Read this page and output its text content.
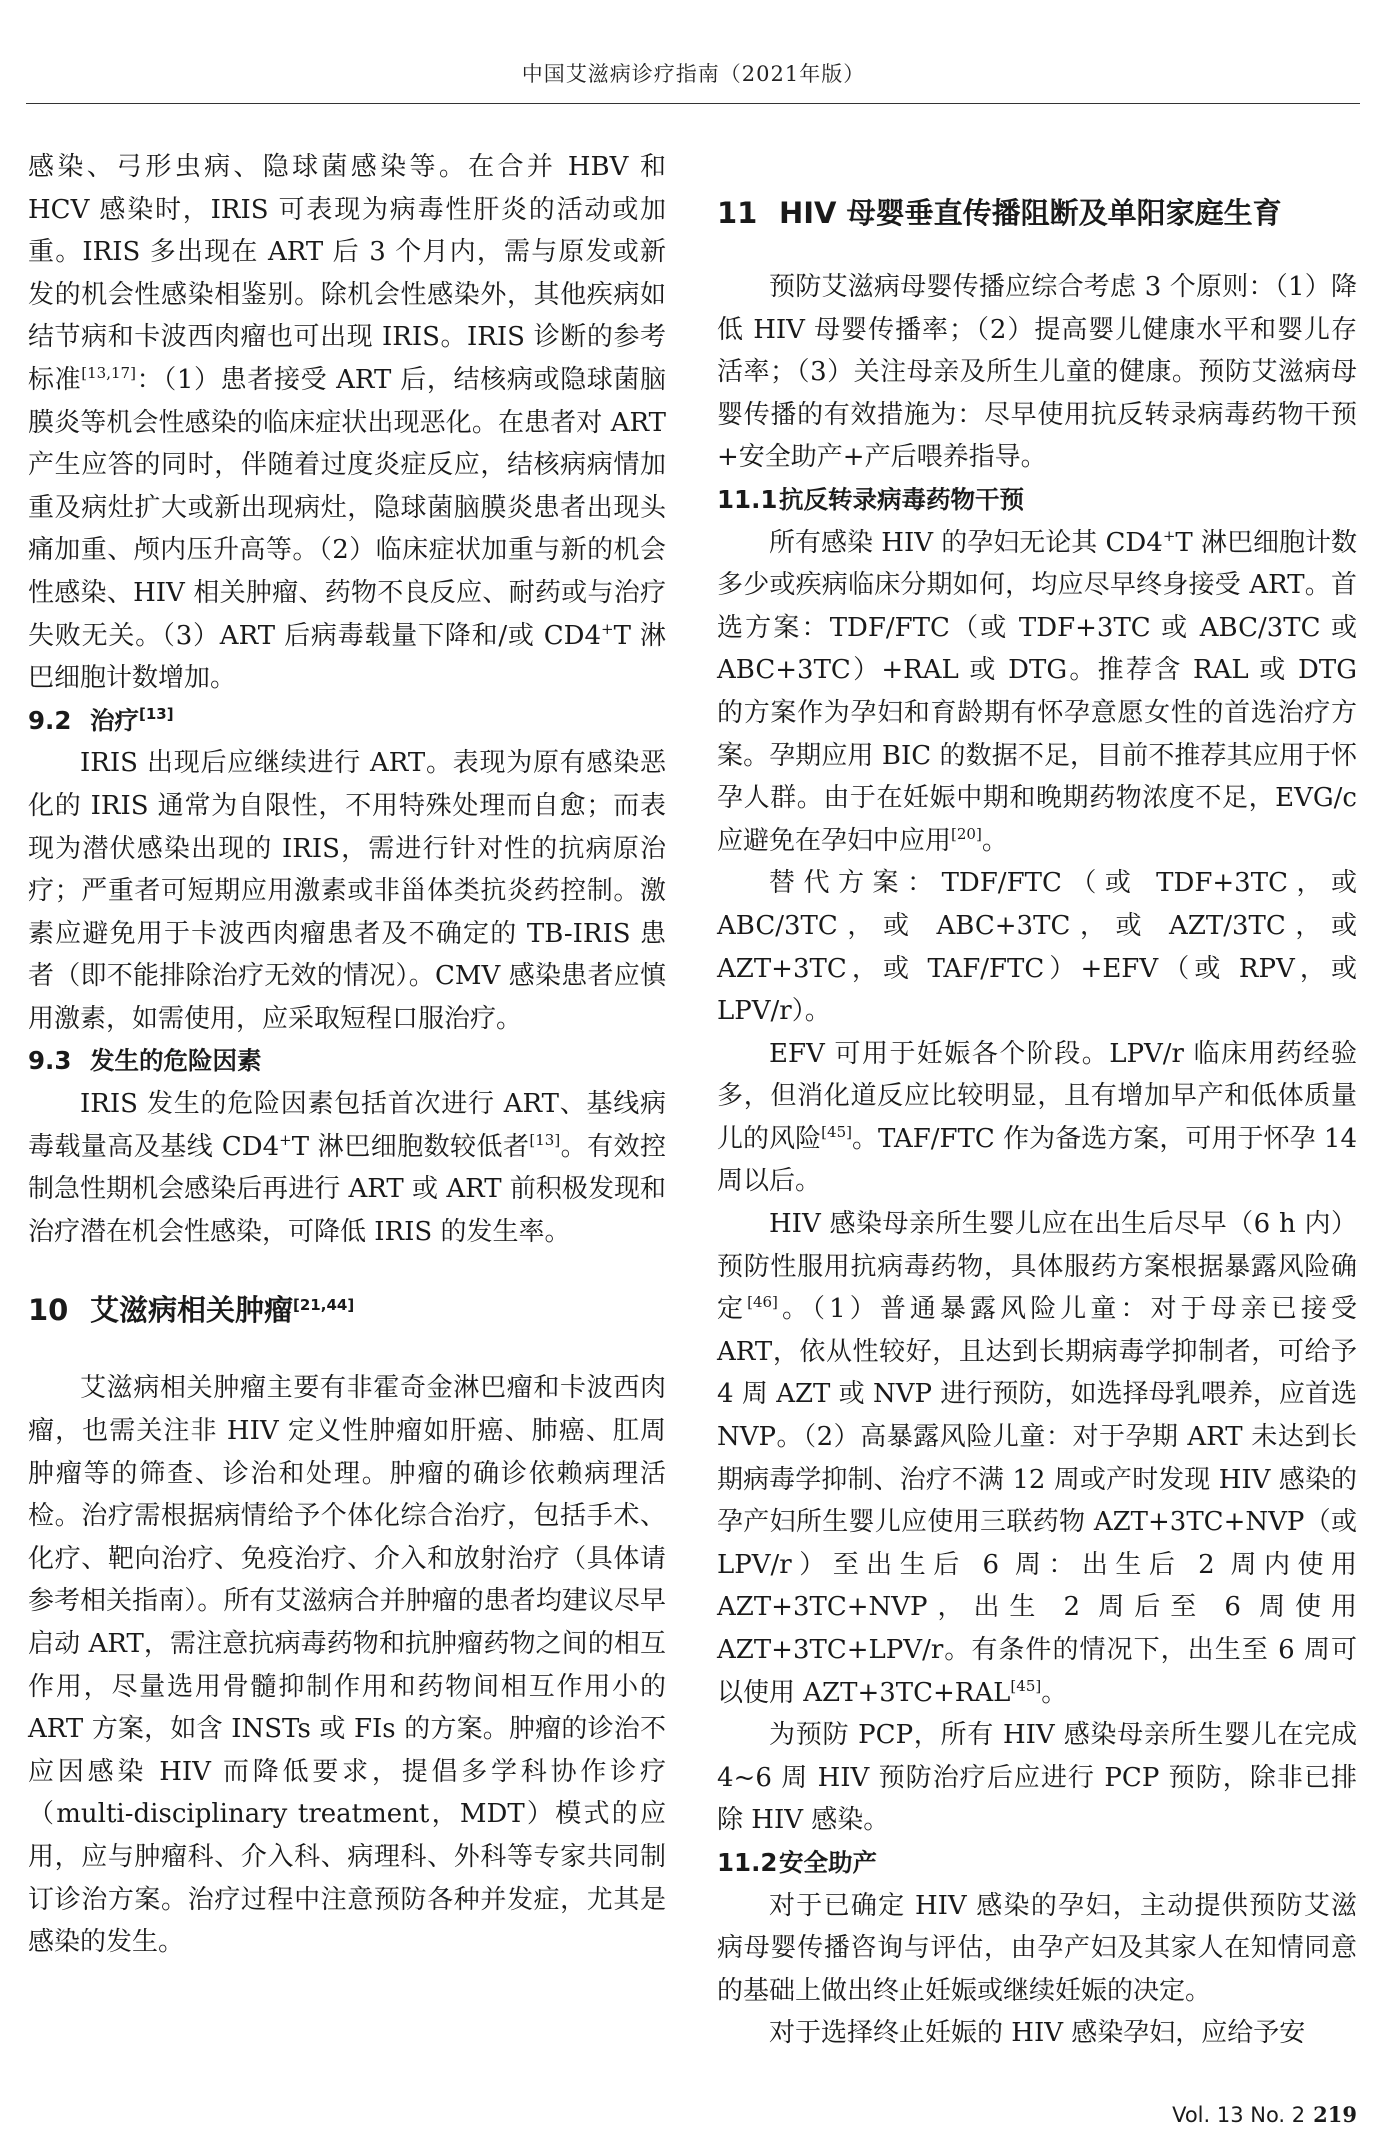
中国艾滋病诊疗指南（2021年版）

感染、弓形虫病、隐球菌感染等。在合并 HBV 和 HCV 感染时，IRIS 可表现为病毒性肝炎的活动或加重。IRIS 多出现在 ART 后 3 个月内，需与原发或新发的机会性感染相鉴别。除机会性感染外，其他疾病如结节病和卡波西肉瘤也可出现 IRIS。IRIS 诊断的参考标准[13,17]：（1）患者接受 ART 后，结核病或隐球菌脑膜炎等机会性感染的临床症状出现恶化。在患者对 ART 产生应答的同时，伴随着过度炎症反应，结核病病情加重及病灶扩大或新出现病灶，隐球菌脑膜炎患者出现头痛加重、颅内压升高等。（2）临床症状加重与新的机会性感染、HIV 相关肿瘤、药物不良反应、耐药或与治疗失败无关。（3）ART 后病毒载量下降和/或 CD4+T 淋巴细胞计数增加。

9.2 治疗[13]

IRIS 出现后应继续进行 ART。表现为原有感染恶化的 IRIS 通常为自限性，不用特殊处理而自愈；而表现为潜伏感染出现的 IRIS，需进行针对性的抗病原治疗；严重者可短期应用激素或非甾体类抗炎药控制。激素应避免用于卡波西肉瘤患者及不确定的 TB-IRIS 患者（即不能排除治疗无效的情况）。CMV 感染患者应慎用激素，如需使用，应采取短程口服治疗。

9.3 发生的危险因素

IRIS 发生的危险因素包括首次进行 ART、基线病毒载量高及基线 CD4+T 淋巴细胞数较低者[13]。有效控制急性期机会感染后再进行 ART 或 ART 前积极发现和治疗潜在机会性感染，可降低 IRIS 的发生率。

10 艾滋病相关肿瘤[21,44]

艾滋病相关肿瘤主要有非霍奇金淋巴瘤和卡波西肉瘤，也需关注非 HIV 定义性肿瘤如肝癌、肺癌、肛周肿瘤等的筛查、诊治和处理。肿瘤的确诊依赖病理活检。治疗需根据病情给予个体化综合治疗，包括手术、化疗、靶向治疗、免疫治疗、介入和放射治疗（具体请参考相关指南）。所有艾滋病合并肿瘤的患者均建议尽早启动 ART，需注意抗病毒药物和抗肿瘤药物之间的相互作用，尽量选用骨髓抑制作用和药物间相互作用小的 ART 方案，如含 INSTs 或 FIs 的方案。肿瘤的诊治不应因感染 HIV 而降低要求，提倡多学科协作诊疗（multi-disciplinary treatment，MDT）模式的应用，应与肿瘤科、介入科、病理科、外科等专家共同制订诊治方案。治疗过程中注意预防各种并发症，尤其是感染的发生。

11 HIV 母婴垂直传播阻断及单阳家庭生育

预防艾滋病母婴传播应综合考虑 3 个原则：（1）降低 HIV 母婴传播率；（2）提高婴儿健康水平和婴儿存活率；（3）关注母亲及所生儿童的健康。预防艾滋病母婴传播的有效措施为：尽早使用抗反转录病毒药物干预+安全助产+产后喂养指导。

11.1抗反转录病毒药物干预

所有感染 HIV 的孕妇无论其 CD4+T 淋巴细胞计数多少或疾病临床分期如何，均应尽早终身接受 ART。首选方案：TDF/FTC（或 TDF+3TC 或 ABC/3TC 或 ABC+3TC）+RAL 或 DTG。推荐含 RAL 或 DTG 的方案作为孕妇和育龄期有怀孕意愿女性的首选治疗方案。孕期应用 BIC 的数据不足，目前不推荐其应用于怀孕人群。由于在妊娠中期和晚期药物浓度不足，EVG/c 应避免在孕妇中应用[20]。

替代方案：TDF/FTC（或 TDF+3TC，或 ABC/3TC，或 ABC+3TC，或 AZT/3TC，或 AZT+3TC，或 TAF/FTC）+EFV（或 RPV，或 LPV/r）。

EFV 可用于妊娠各个阶段。LPV/r 临床用药经验多，但消化道反应比较明显，且有增加早产和低体质量儿的风险[45]。TAF/FTC 作为备选方案，可用于怀孕 14 周以后。

HIV 感染母亲所生婴儿应在出生后尽早（6 h 内）预防性服用抗病毒药物，具体服药方案根据暴露风险确定[46]。（1）普通暴露风险儿童：对于母亲已接受 ART，依从性较好，且达到长期病毒学抑制者，可给予 4 周 AZT 或 NVP 进行预防，如选择母乳喂养，应首选 NVP。（2）高暴露风险儿童：对于孕期 ART 未达到长期病毒学抑制、治疗不满 12 周或产时发现 HIV 感染的孕产妇所生婴儿应使用三联药物 AZT+3TC+NVP（或 LPV/r）至出生后 6 周：出生后 2 周内使用 AZT+3TC+NVP，出生 2 周后至 6 周使用 AZT+3TC+LPV/r。有条件的情况下，出生至 6 周可以使用 AZT+3TC+RAL[45]。

为预防 PCP，所有 HIV 感染母亲所生婴儿在完成 4~6 周 HIV 预防治疗后应进行 PCP 预防，除非已排除 HIV 感染。

11.2安全助产

对于已确定 HIV 感染的孕妇，主动提供预防艾滋病母婴传播咨询与评估，由孕产妇及其家人在知情同意的基础上做出终止妊娠或继续妊娠的决定。

对于选择终止妊娠的 HIV 感染孕妇，应给予安

Vol. 13 No. 2 219
